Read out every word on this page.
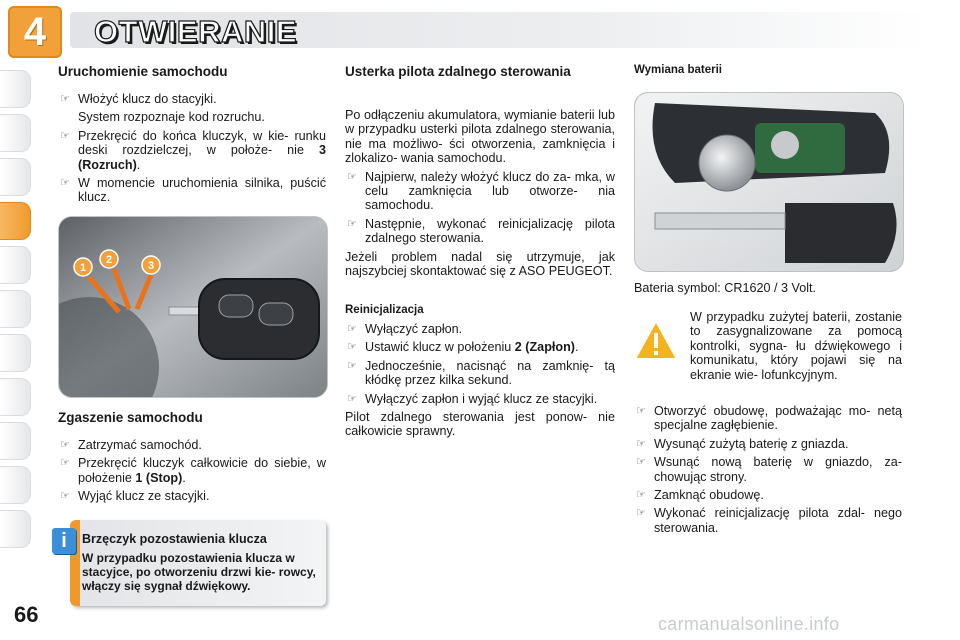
4	OTWIERANIE
Uruchomienie samochodu
☞ Włożyć klucz do stacyjki.
System rozpoznaje kod rozruchu.
☞ Przekręcić do końca kluczyk, w kie- runku deski rozdzielczej, w położe- nie 3 (Rozruch).
☞ W momencie uruchomienia silnika, puścić klucz.
1
2	3
Zgaszenie samochodu
☞ Zatrzymać samochód.
☞ Przekręcić kluczyk całkowicie do siebie, w położenie 1 (Stop).
☞ Wyjąć klucz ze stacyjki.
i	Brzęczyk pozostawienia klucza
W przypadku pozostawienia klucza w stacyjce, po otworzeniu drzwi kie- rowcy, włączy się sygnał dźwiękowy.
Usterka pilota zdalnego sterowania

Po odłączeniu akumulatora, wymianie baterii lub w przypadku usterki pilota zdalnego sterowania, nie ma możliwo- ści otworzenia, zamknięcia i zlokalizo- wania samochodu.

☞ Najpierw, należy włożyć klucz do za- mka, w celu zamknięcia lub otworze- nia samochodu.
☞ Następnie, wykonać reinicjalizację pilota zdalnego sterowania.

Jeżeli problem nadal się utrzymuje, jak najszybciej skontaktować się z ASO PEUGEOT.

Reinicjalizacja
☞ Wyłączyć zapłon.
☞ Ustawić klucz w położeniu 2 (Zapłon).
☞ Jednocześnie, nacisnąć na zamknię- tą kłódkę przez kilka sekund.
☞ Wyłączyć zapłon i wyjąć klucz ze stacyjki.

Pilot zdalnego sterowania jest ponow- nie całkowicie sprawny.

Wymiana baterii
Bateria symbol: CR1620 / 3 Volt.
W przypadku zużytej baterii, zostanie to zasygnalizowane za pomocą kontrolki, sygna- łu dźwiękowego i komunikatu, który pojawi się na ekranie wie- lofunkcyjnym.
☞ Otworzyć obudowę, podważając mo- netą specjalne zagłębienie.
☞ Wysunąć zużytą baterię z gniazda.
☞ Wsunąć nową baterię w gniazdo, za- chowując strony.
☞ Zamknąć obudowę.
☞ Wykonać reinicjalizację pilota zdal- nego sterowania.
66	carmanualsonline.info
